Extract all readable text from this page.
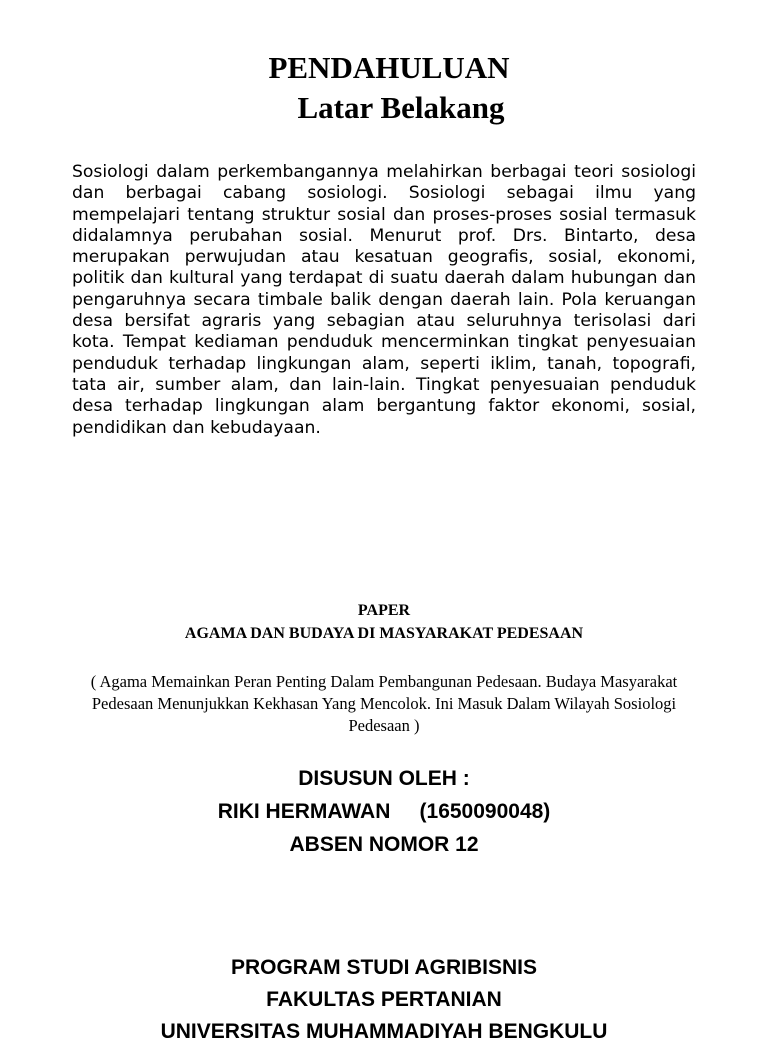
PENDAHULUAN
Latar Belakang

Sosiologi dalam perkembangannya melahirkan berbagai teori sosiologi dan berbagai cabang sosiologi. Sosiologi sebagai ilmu yang mempelajari tentang struktur sosial dan proses-proses sosial termasuk didalamnya perubahan sosial. Menurut prof. Drs. Bintarto, desa merupakan perwujudan atau kesatuan geografis, sosial, ekonomi, politik dan kultural yang terdapat di suatu daerah dalam hubungan dan pengaruhnya secara timbale balik dengan daerah lain. Pola keruangan desa bersifat agraris yang sebagian atau seluruhnya terisolasi dari kota. Tempat kediaman penduduk mencerminkan tingkat penyesuaian penduduk terhadap lingkungan alam, seperti iklim, tanah, topografi, tata air, sumber alam, dan lain-lain. Tingkat penyesuaian penduduk desa terhadap lingkungan alam bergantung faktor ekonomi, sosial, pendidikan dan kebudayaan.

PAPER
AGAMA DAN BUDAYA DI MASYARAKAT PEDESAAN

( Agama Memainkan Peran Penting Dalam Pembangunan Pedesaan. Budaya Masyarakat Pedesaan Menunjukkan Kekhasan Yang Mencolok. Ini Masuk Dalam Wilayah Sosiologi Pedesaan )

DISUSUN OLEH :
RIKI HERMAWAN     (1650090048)
ABSEN NOMOR 12
PROGRAM STUDI AGRIBISNIS
FAKULTAS PERTANIAN
UNIVERSITAS MUHAMMADIYAH BENGKULU
